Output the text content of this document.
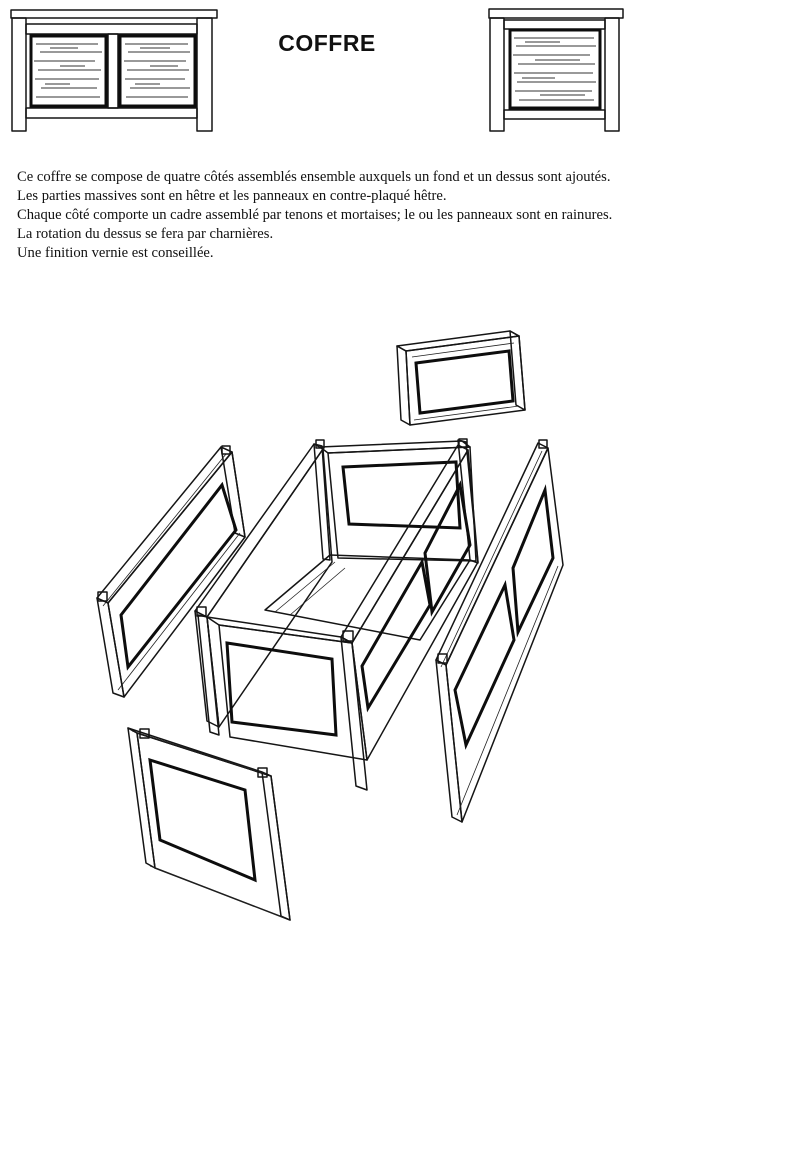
COFFRE

Ce coffre se compose de quatre côtés assemblés ensemble auxquels un fond et un dessus sont ajoutés.

Les parties massives sont en hêtre et les panneaux en contre-plaqué hêtre.

Chaque côté comporte un cadre assemblé par tenons et mortaises; le ou les panneaux sont en rainures.

La rotation du dessus se fera par charnières.

Une finition vernie est conseillée.
